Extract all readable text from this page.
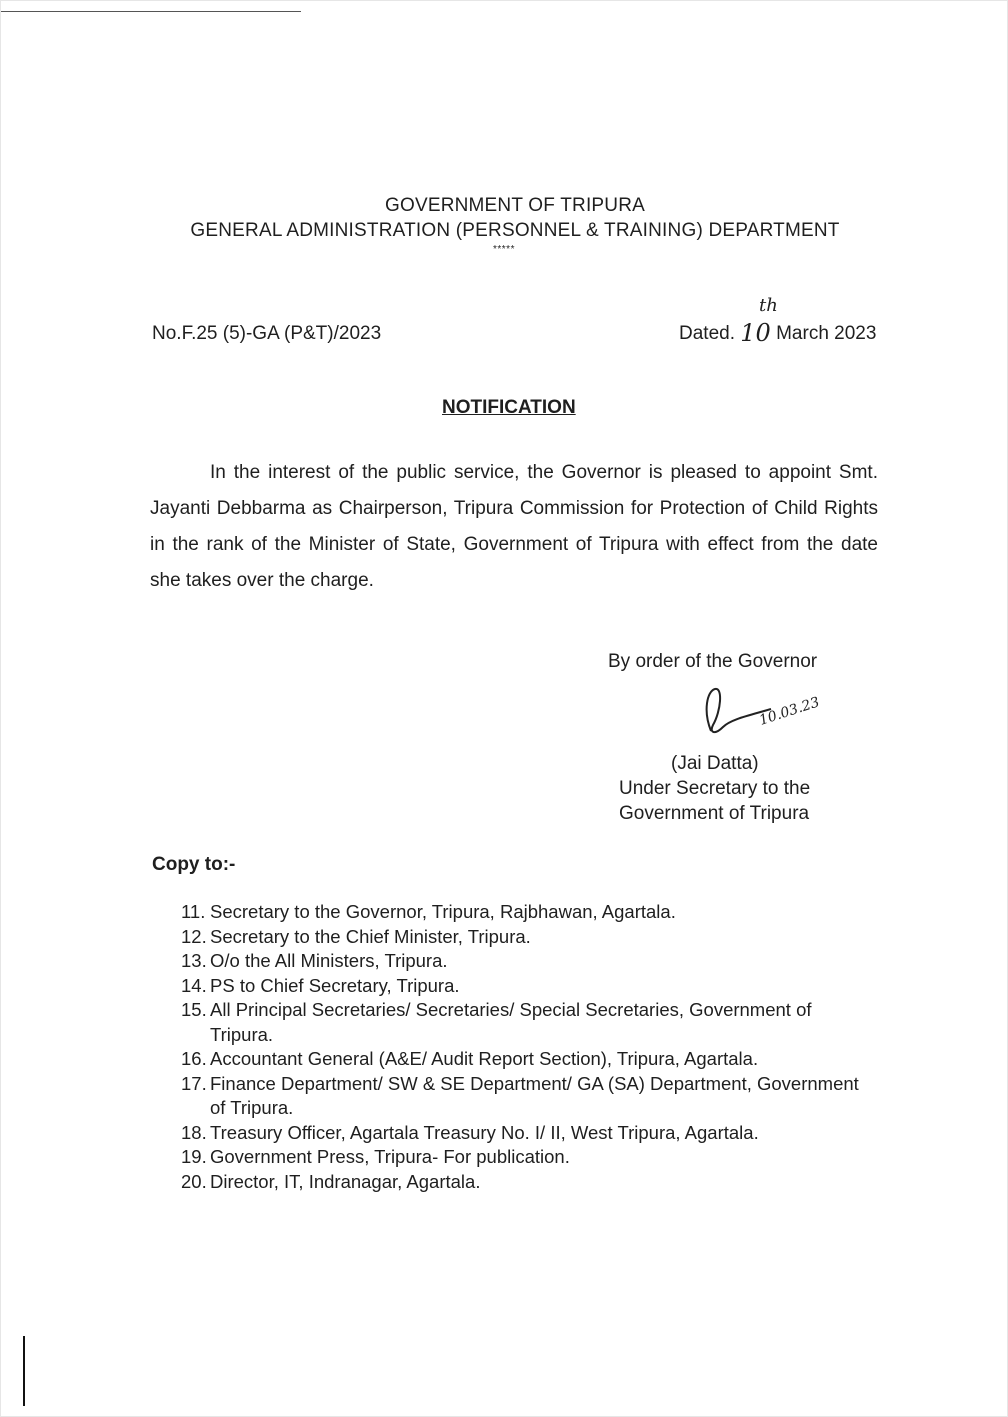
GOVERNMENT OF TRIPURA
GENERAL ADMINISTRATION (PERSONNEL & TRAINING) DEPARTMENT
*****
No.F.25 (5)-GA (P&T)/2023	Dated. 10
th
March 2023
NOTIFICATION
In the interest of the public service, the Governor is pleased to appoint Smt. Jayanti Debbarma as Chairperson, Tripura Commission for Protection of Child Rights in the rank of the Minister of State, Government of Tripura with effect from the date she takes over the charge.
By order of the Governor
10.03.23
(Jai Datta)
Under Secretary to the
Government of Tripura
Copy to:-
11. Secretary to the Governor, Tripura, Rajbhawan, Agartala.
12. Secretary to the Chief Minister, Tripura.
13. O/o the All Ministers, Tripura.
14. PS to Chief Secretary, Tripura.
15. All Principal Secretaries/ Secretaries/ Special Secretaries, Government of Tripura.
16. Accountant General (A&E/ Audit Report Section), Tripura, Agartala.
17. Finance Department/ SW & SE Department/ GA (SA) Department, Government of Tripura.
18. Treasury Officer, Agartala Treasury No. I/ II, West Tripura, Agartala.
19. Government Press, Tripura- For publication.
20. Director, IT, Indranagar, Agartala.
